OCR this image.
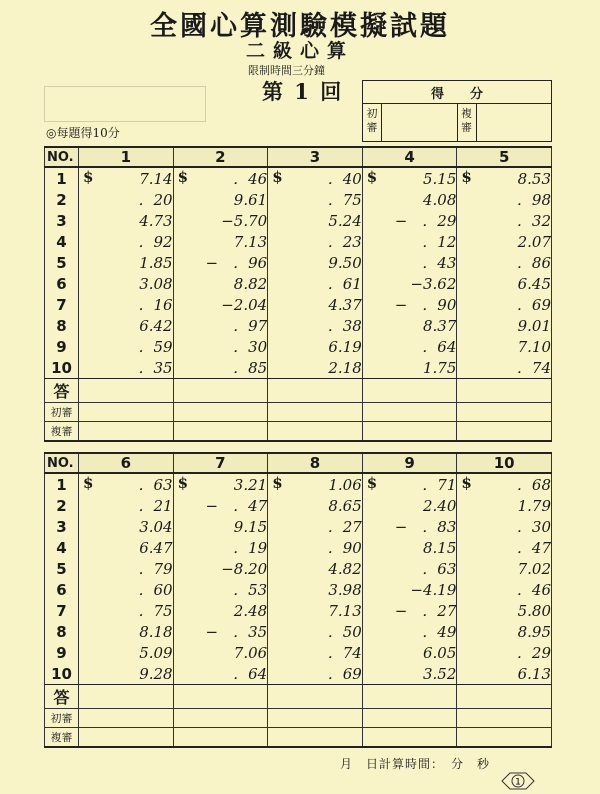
全國心算測驗模擬試題
二級心算
限制時間三分鐘
第 1 回
◎每題得10分
得　　分
初審
複審
NO.	1	2	3	4	5
1	$ 7.14	$ ．46	$ ．40	$ 5.15	$ 8.53
2	．20	9.61	．75	4.08	．98
3	4.73	−5.70	5.24	−　．29	．32
4	．92	7.13	．23	．12	2.07
5	1.85	−　．96	9.50	．43	．86
6	3.08	8.82	．61	−3.62	6.45
7	．16	−2.04	4.37	−　．90	．69
8	6.42	．97	．38	8.37	9.01
9	．59	．30	6.19	．64	7.10
10	．35	．85	2.18	1.75	．74
答					
初審					
複審					
NO.	6	7	8	9	10
1	$ ．63	$ 3.21	$ 1.06	$ ．71	$ ．68
2	．21	−　．47	8.65	2.40	1.79
3	3.04	9.15	．27	−　．83	．30
4	6.47	．19	．90	8.15	．47
5	．79	−8.20	4.82	．63	7.02
6	．60	．53	3.98	−4.19	．46
7	．75	2.48	7.13	−　．27	5.80
8	8.18	−　．35	．50	．49	8.95
9	5.09	7.06	．74	6.05	．29
10	9.28	．64	．69	3.52	6.13
答					
初審					
複審					
月　日計算時間：　分　秒
1
